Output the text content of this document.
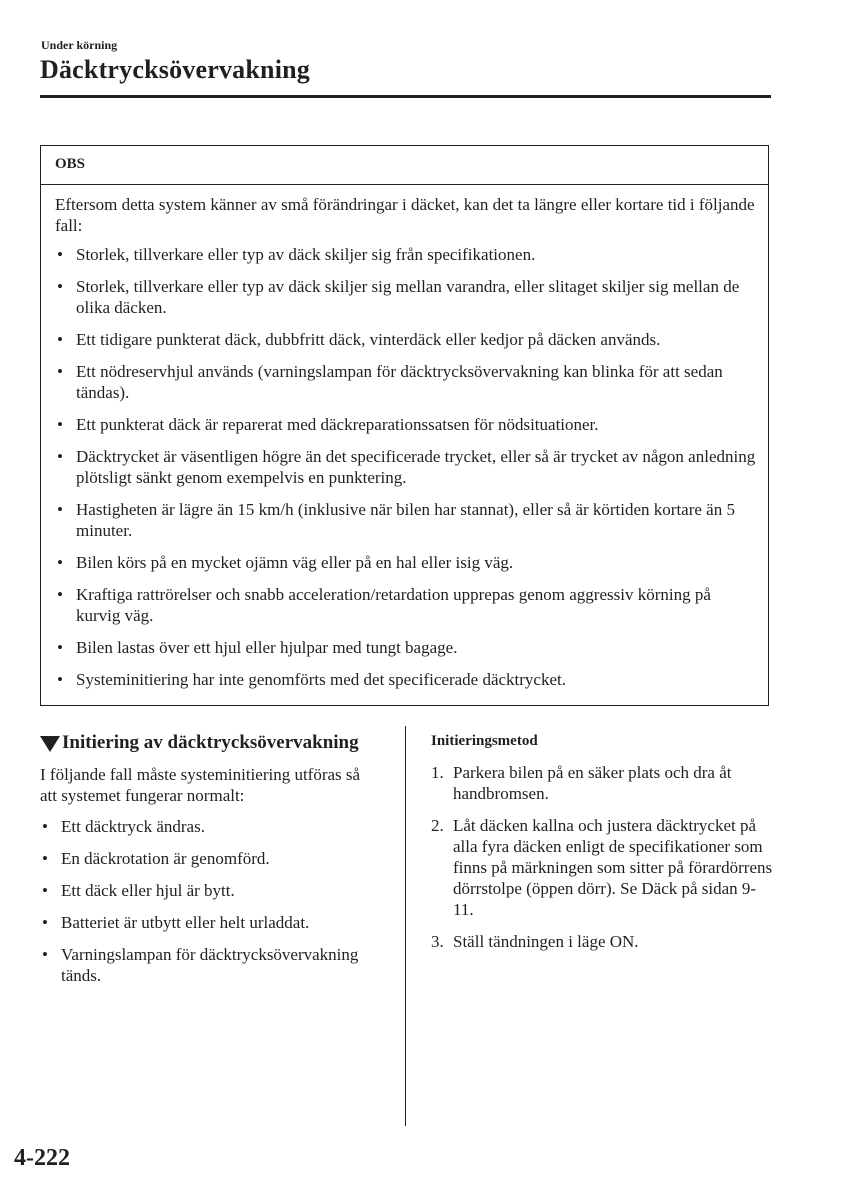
Under körning
Däcktrycksövervakning
OBS
Eftersom detta system känner av små förändringar i däcket, kan det ta längre eller kortare tid i följande fall:
• Storlek, tillverkare eller typ av däck skiljer sig från specifikationen.
• Storlek, tillverkare eller typ av däck skiljer sig mellan varandra, eller slitaget skiljer sig mellan de olika däcken.
• Ett tidigare punkterat däck, dubbfritt däck, vinterdäck eller kedjor på däcken används.
• Ett nödreservhjul används (varningslampan för däcktrycksövervakning kan blinka för att sedan tändas).
• Ett punkterat däck är reparerat med däckreparationssatsen för nödsituationer.
• Däcktrycket är väsentligen högre än det specificerade trycket, eller så är trycket av någon anledning plötsligt sänkt genom exempelvis en punktering.
• Hastigheten är lägre än 15 km/h (inklusive när bilen har stannat), eller så är körtiden kortare än 5 minuter.
• Bilen körs på en mycket ojämn väg eller på en hal eller isig väg.
• Kraftiga rattrörelser och snabb acceleration/retardation upprepas genom aggressiv körning på kurvig väg.
• Bilen lastas över ett hjul eller hjulpar med tungt bagage.
• Systeminitiering har inte genomförts med det specificerade däcktrycket.
Initiering av däcktrycksövervakning
I följande fall måste systeminitiering utföras så att systemet fungerar normalt:
• Ett däcktryck ändras.
• En däckrotation är genomförd.
• Ett däck eller hjul är bytt.
• Batteriet är utbytt eller helt urladdat.
• Varningslampan för däcktrycksövervakning tänds.
Initieringsmetod
1. Parkera bilen på en säker plats och dra åt handbromsen.
2. Låt däcken kallna och justera däcktrycket på alla fyra däcken enligt de specifikationer som finns på märkningen som sitter på förardörrens dörrstolpe (öppen dörr). Se Däck på sidan 9-11.
3. Ställ tändningen i läge ON.
4-222
